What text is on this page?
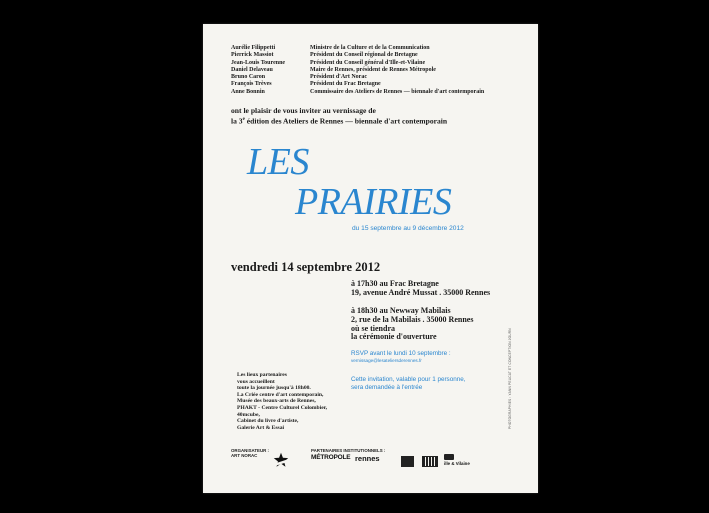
Aurélie Filippetti
Pierrick Massiot
Jean-Louis Tourenne
Daniel Delaveau
Bruno Caron
François Trèves
Anne Bonnin
Ministre de la Culture et de la Communication
Président du Conseil régional de Bretagne
Président du Conseil général d'Ille-et-Vilaine
Maire de Rennes, président de Rennes Métropole
Président d'Art Norac
Président du Frac Bretagne
Commissaire des Ateliers de Rennes — biennale d'art contemporain
ont le plaisir de vous inviter au vernissage de
la 3e édition des Ateliers de Rennes — biennale d'art contemporain
LES
PRAIRIES
du 15 septembre au 9 décembre 2012
vendredi 14 septembre 2012
à 17h30 au Frac Bretagne
19, avenue André Mussat . 35000 Rennes
à 18h30 au Newway Mabilais
2, rue de la Mabilais . 35000 Rennes
où se tiendra
la cérémonie d'ouverture
RSVP avant le lundi 10 septembre :
vernissage@lesateliersderennes.fr
Cette invitation, valable pour 1 personne,
sera demandée à l'entrée
Les lieux partenaires
vous accueillent
toute la journée jusqu'à 18h00.
La Criée centre d'art contemporain,
Musée des beaux-arts de Rennes,
PHAKT - Centre Culturel Colombier,
40mcube,
Cabinet du livre d'artiste,
Galerie Art & Essai
ORGANISATEUR :
ART NORAC
PARTENAIRES INSTITUTIONNELS :
MÉTROPOLE rennes
ille & Vilaine
PHOTOGRAPHIES : YANN PEUCAT ET CONCEPTION JOURN
